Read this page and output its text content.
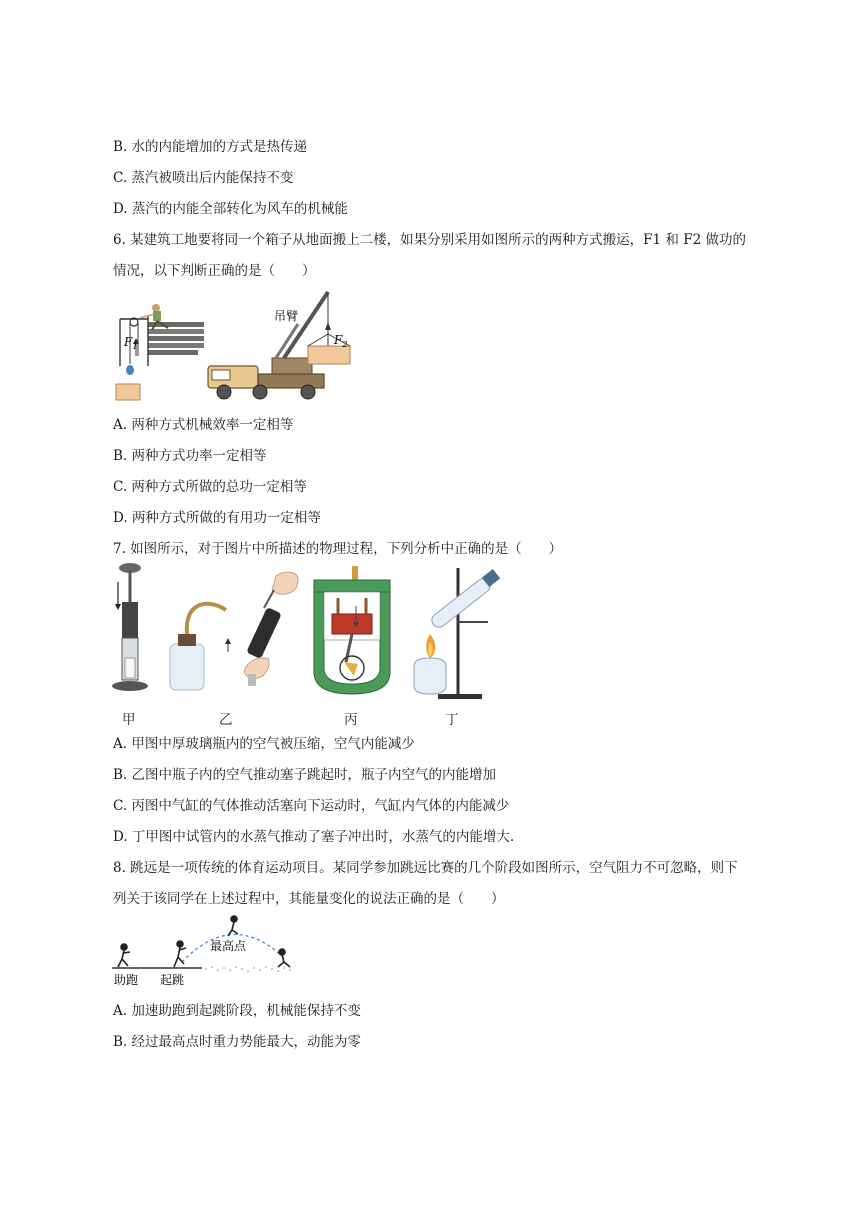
B. 水的内能增加的方式是热传递
C. 蒸汽被喷出后内能保持不变
D. 蒸汽的内能全部转化为风车的机械能
6. 某建筑工地要将同一个箱子从地面搬上二楼，如果分别采用如图所示的两种方式搬运，F1 和 F2 做功的
情况，以下判断正确的是（　　）
$F_1$
吊臂
$F_2$
A. 两种方式机械效率一定相等
B. 两种方式功率一定相等
C. 两种方式所做的总功一定相等
D. 两种方式所做的有用功一定相等
7. 如图所示，对于图片中所描述的物理过程，下列分析中正确的是（　　）
甲	乙	丙	丁
A. 甲图中厚玻璃瓶内的空气被压缩，空气内能减少
B. 乙图中瓶子内的空气推动塞子跳起时，瓶子内空气的内能增加
C. 丙图中气缸的气体推动活塞向下运动时，气缸内气体的内能减少
D. 丁甲图中试管内的水蒸气推动了塞子冲出时，水蒸气的内能增大.
8. 跳远是一项传统的体育运动项目。某同学参加跳远比赛的几个阶段如图所示，空气阻力不可忽略，则下
列关于该同学在上述过程中，其能量变化的说法正确的是（　　）
最高点
助跑 起跳
A. 加速助跑到起跳阶段，机械能保持不变
B. 经过最高点时重力势能最大，动能为零
